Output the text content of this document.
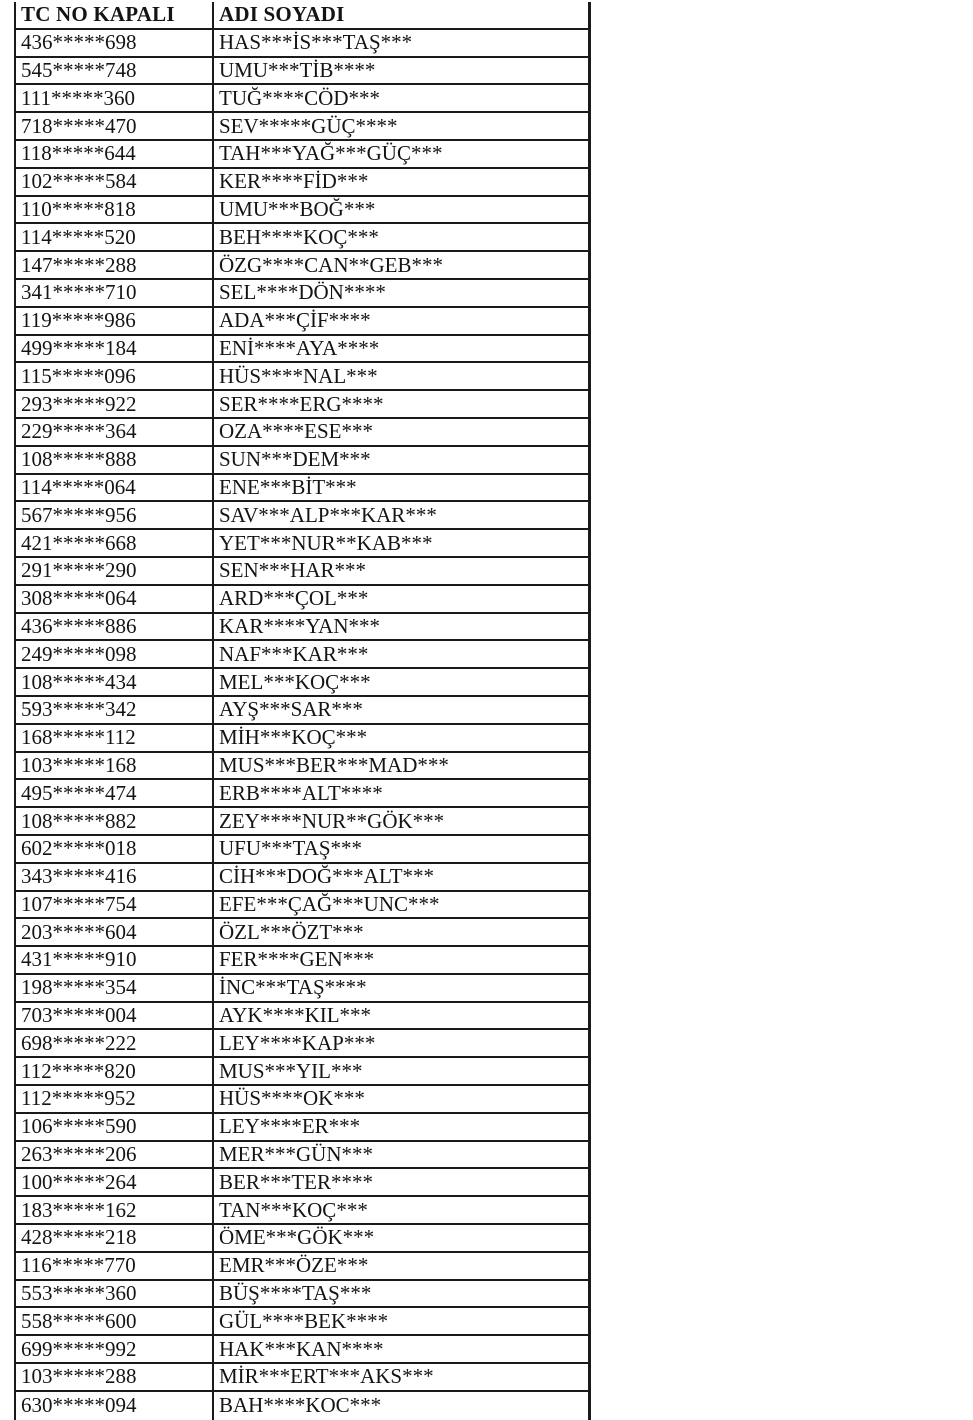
TC NO KAPALI	ADI SOYADI
436*****698	HAS***İS***TAŞ***
545*****748	UMU***TİB****
111*****360	TUĞ****CÖD***
718*****470	SEV*****GÜÇ****
118*****644	TAH***YAĞ***GÜÇ***
102*****584	KER****FİD***
110*****818	UMU***BOĞ***
114*****520	BEH****KOÇ***
147*****288	ÖZG****CAN**GEB***
341*****710	SEL****DÖN****
119*****986	ADA***ÇİF****
499*****184	ENİ****AYA****
115*****096	HÜS****NAL***
293*****922	SER****ERG****
229*****364	OZA****ESE***
108*****888	SUN***DEM***
114*****064	ENE***BİT***
567*****956	SAV***ALP***KAR***
421*****668	YET***NUR**KAB***
291*****290	SEN***HAR***
308*****064	ARD***ÇOL***
436*****886	KAR****YAN***
249*****098	NAF***KAR***
108*****434	MEL***KOÇ***
593*****342	AYŞ***SAR***
168*****112	MİH***KOÇ***
103*****168	MUS***BER***MAD***
495*****474	ERB****ALT****
108*****882	ZEY****NUR**GÖK***
602*****018	UFU***TAŞ***
343*****416	CİH***DOĞ***ALT***
107*****754	EFE***ÇAĞ***UNC***
203*****604	ÖZL***ÖZT***
431*****910	FER****GEN***
198*****354	İNC***TAŞ****
703*****004	AYK****KIL***
698*****222	LEY****KAP***
112*****820	MUS***YIL***
112*****952	HÜS****OK***
106*****590	LEY****ER***
263*****206	MER***GÜN***
100*****264	BER***TER****
183*****162	TAN***KOÇ***
428*****218	ÖME***GÖK***
116*****770	EMR***ÖZE***
553*****360	BÜŞ****TAŞ***
558*****600	GÜL****BEK****
699*****992	HAK***KAN****
103*****288	MİR***ERT***AKS***
630*****094	BAH****KOC***
